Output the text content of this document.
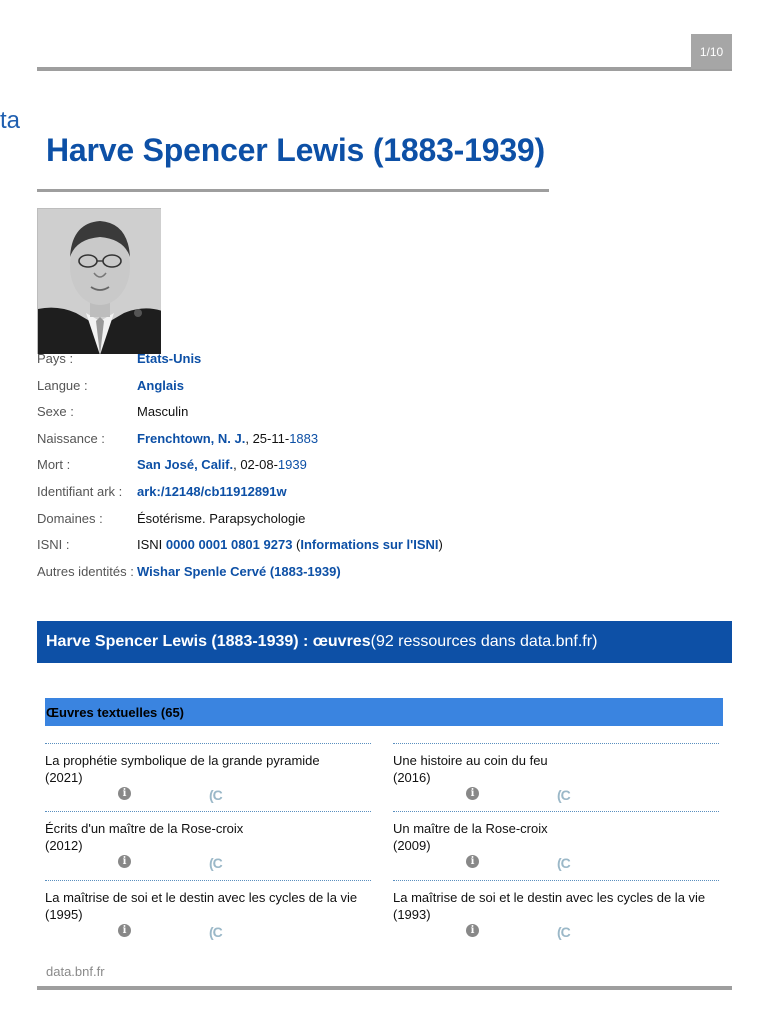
1/10
ta
Harve Spencer Lewis (1883-1939)
Pays :	Etats-Unis
Langue :	Anglais
Sexe :	Masculin
Naissance : Frenchtown, N. J., 25-11-1883
Mort :	San José, Calif., 02-08-1939
Identifiant ark : ark:/12148/cb11912891w
Domaines :	Ésotérisme. Parapsychologie
ISNI :	ISNI 0000 0001 0801 9273 (Informations sur l'ISNI)
Autres identités : Wishar Spenle Cervé (1883-1939)
Harve Spencer Lewis (1883-1939) : œuvres (92 ressources dans data.bnf.fr)
Œuvres textuelles (65)
La prophétie symbolique de la grande pyramide
(2021)
i	(C
Une histoire au coin du feu
(2016)
i	(C
Écrits d'un maître de la Rose-croix
(2012)
i	(C
Un maître de la Rose-croix
(2009)
i	(C
La maîtrise de soi et le destin avec les cycles de la vie
(1995)
i	(C
La maîtrise de soi et le destin avec les cycles de la vie
(1993)
i	(C
data.bnf.fr
